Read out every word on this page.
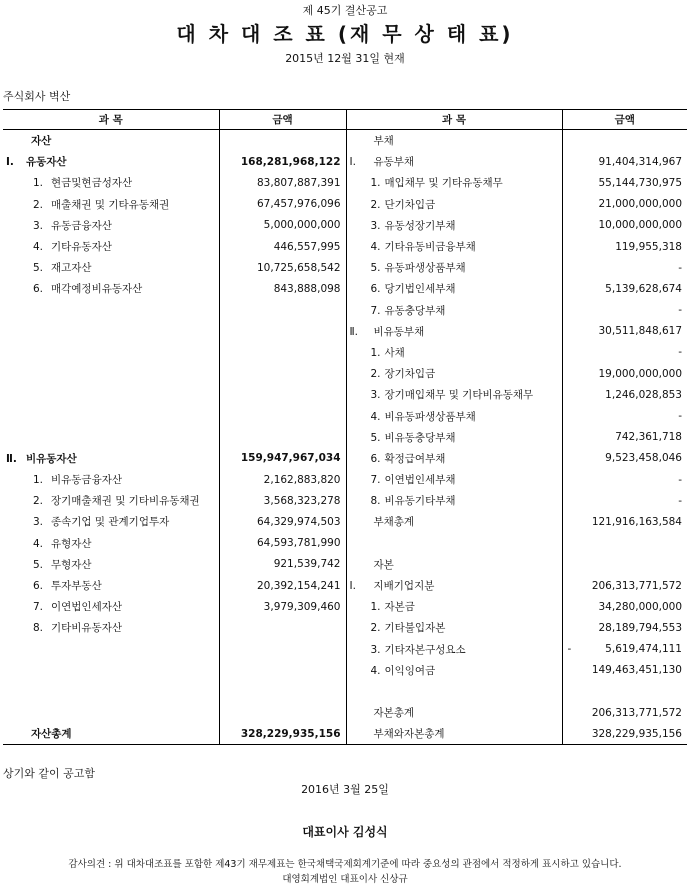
제 45기 결산공고
대 차 대 조 표 (재 무 상 태 표)
2015년 12월 31일 현재
주식회사 벽산
과 목	금액	과 목	금액
자산		부채	
Ⅰ. 유동자산	168,281,968,122	Ⅰ. 유동부채	91,404,314,967
1. 현금및현금성자산	83,807,887,391	1. 매입채무 및 기타유동채무	55,144,730,975
2. 매출채권 및 기타유동채권	67,457,976,096	2. 단기차입금	21,000,000,000
3. 유동금융자산	5,000,000,000	3. 유동성장기부채	10,000,000,000
4. 기타유동자산	446,557,995	4. 기타유동비금융부채	119,955,318
5. 재고자산	10,725,658,542	5. 유동파생상품부채	-
6. 매각예정비유동자산	843,888,098	6. 당기법인세부채	5,139,628,674
		7. 유동충당부채	-
		Ⅱ. 비유동부채	30,511,848,617
		1. 사채	-
		2. 장기차입금	19,000,000,000
		3. 장기매입채무 및 기타비유동채무	1,246,028,853
		4. 비유동파생상품부채	-
		5. 비유동충당부채	742,361,718
Ⅱ. 비유동자산	159,947,967,034	6. 확정급여부채	9,523,458,046
1. 비유동금융자산	2,162,883,820	7. 이연법인세부채	-
2. 장기매출채권 및 기타비유동채권	3,568,323,278	8. 비유동기타부채	-
3. 종속기업 및 관계기업투자	64,329,974,503	부채총계	121,916,163,584
4. 유형자산	64,593,781,990		
5. 무형자산	921,539,742	자본	
6. 투자부동산	20,392,154,241	Ⅰ. 지배기업지분	206,313,771,572
7. 이연법인세자산	3,979,309,460	1. 자본금	34,280,000,000
8. 기타비유동자산		2. 기타불입자본	28,189,794,553
		3. 기타자본구성요소	- 5,619,474,111
		4. 이익잉여금	149,463,451,130

		자본총계	206,313,771,572
자산총계	328,229,935,156	부채와자본총계	328,229,935,156
상기와 같이 공고함
2016년 3월 25일
대표이사 김성식
감사의견 : 위 대차대조표를 포함한 제43기 재무제표는 한국채택국제회계기준에 따라 중요성의 관점에서 적정하게 표시하고 있습니다.
대영회계법인 대표이사 신상규
